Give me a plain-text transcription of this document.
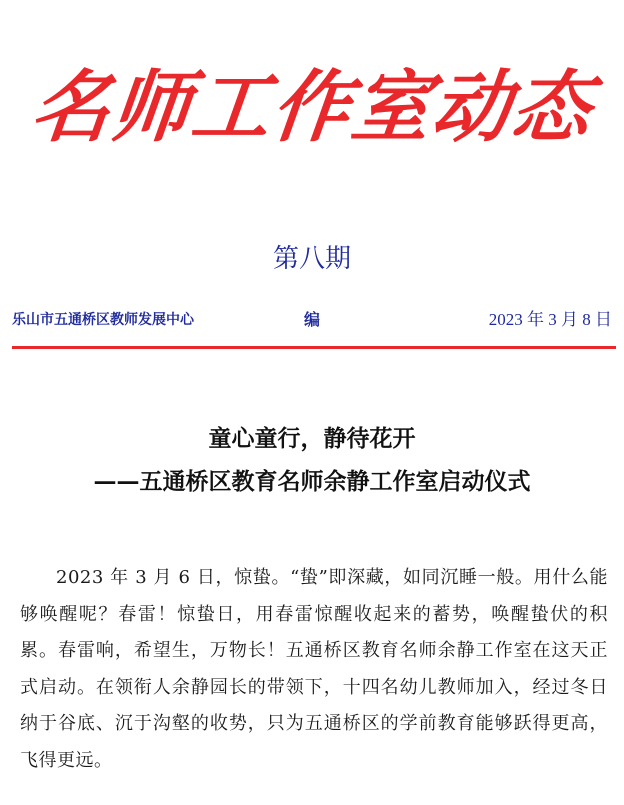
名师工作室动态
第八期
乐山市五通桥区教师发展中心	编	2023 年 3 月 8 日
童心童行，静待花开
——五通桥区教育名师余静工作室启动仪式

2023 年 3 月 6 日，惊蛰。“蛰”即深藏，如同沉睡一般。用什么能够唤醒呢？春雷！惊蛰日，用春雷惊醒收起来的蓄势，唤醒蛰伏的积累。春雷响，希望生，万物长！五通桥区教育名师余静工作室在这天正式启动。在领衔人余静园长的带领下，十四名幼儿教师加入，经过冬日纳于谷底、沉于沟壑的收势，只为五通桥区的学前教育能够跃得更高，飞得更远。
